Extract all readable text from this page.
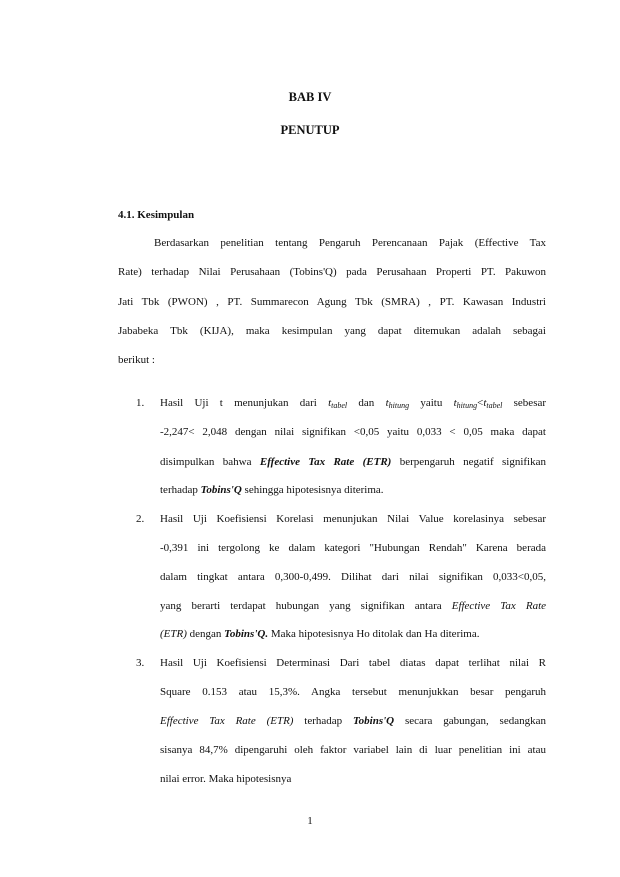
BAB IV
PENUTUP
4.1. Kesimpulan
Berdasarkan penelitian tentang Pengaruh Perencanaan Pajak (Effective Tax
Rate) terhadap Nilai Perusahaan (Tobins'Q) pada Perusahaan Properti PT. Pakuwon
Jati Tbk (PWON) , PT. Summarecon Agung Tbk (SMRA) , PT. Kawasan Industri
Jababeka Tbk (KIJA), maka kesimpulan yang dapat ditemukan adalah sebagai
berikut :
1. Hasil Uji t menunjukan dari $t_{tabel}$ dan $t_{hitung}$ yaitu $t_{hitung}<t_{tabel}$ sebesar
-2,247< 2,048 dengan nilai signifikan <0,05 yaitu 0,033 < 0,05 maka dapat
disimpulkan bahwa Effective Tax Rate (ETR) berpengaruh negatif signifikan
terhadap Tobins'Q sehingga hipotesisnya diterima.
2. Hasil Uji Koefisiensi Korelasi menunjukan Nilai Value korelasinya sebesar
-0,391 ini tergolong ke dalam kategori "Hubungan Rendah" Karena berada
dalam tingkat antara 0,300-0,499. Dilihat dari nilai signifikan 0,033<0,05,
yang berarti terdapat hubungan yang signifikan antara Effective Tax Rate
(ETR) dengan Tobins'Q. Maka hipotesisnya Ho ditolak dan Ha diterima.
3. Hasil Uji Koefisiensi Determinasi Dari tabel diatas dapat terlihat nilai R
Square 0.153 atau 15,3%. Angka tersebut menunjukkan besar pengaruh
Effective Tax Rate (ETR) terhadap Tobins'Q secara gabungan, sedangkan
sisanya 84,7% dipengaruhi oleh faktor variabel lain di luar penelitian ini atau
nilai error. Maka hipotesisnya
1
